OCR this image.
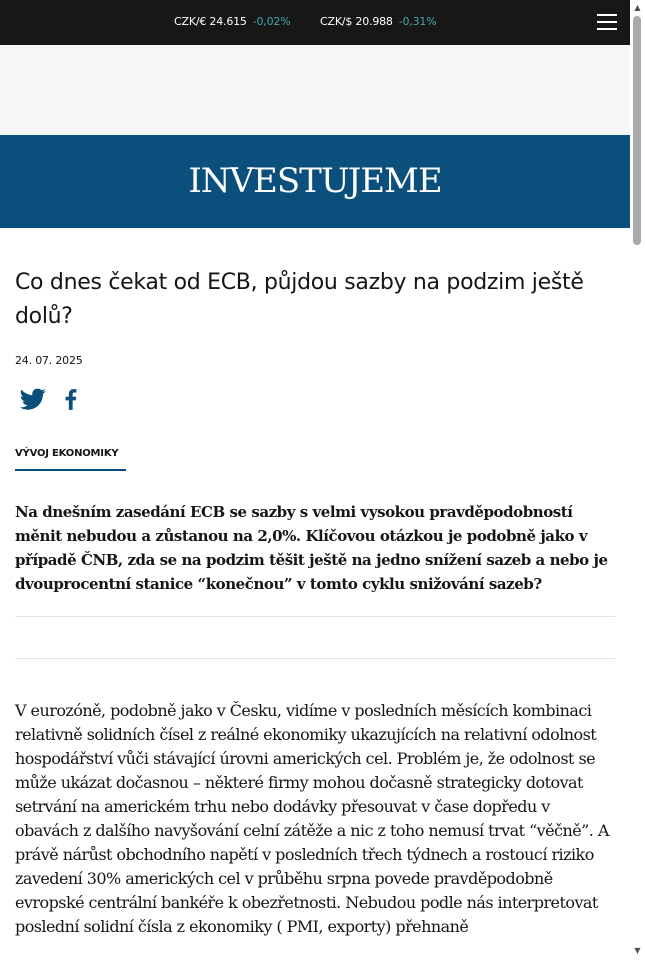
CZK/€ 24.615 -0,02%	CZK/$ 20.988 -0,31%
INVESTUJEME
Co dnes čekat od ECB, půjdou sazby na podzim ještě dolů?
24. 07. 2025
VÝVOJ EKONOMIKY

Na dnešním zasedání ECB se sazby s velmi vysokou pravděpodobností měnit nebudou a zůstanou na 2,0%. Klíčovou otázkou je podobně jako v případě ČNB, zda se na podzim těšit ještě na jedno snížení sazeb a nebo je dvouprocentní stanice “konečnou” v tomto cyklu snižování sazeb?

V eurozóně, podobně jako v Česku, vidíme v posledních měsících kombinaci relativně solidních čísel z reálné ekonomiky ukazujících na relativní odolnost hospodářství vůči stávající úrovni amerických cel. Problém je, že odolnost se může ukázat dočasnou – některé firmy mohou dočasně strategicky dotovat setrvání na americkém trhu nebo dodávky přesouvat v čase dopředu v obavách z dalšího navyšování celní zátěže a nic z toho nemusí trvat “věčně”. A právě nárůst obchodního napětí v posledních třech týdnech a rostoucí riziko zavedení 30% amerických cel v průběhu srpna povede pravděpodobně evropské centrální bankéře k obezřetnosti. Nebudou podle nás interpretovat poslední solidní čísla z ekonomiky ( PMI, exporty) přehnaně

▲
▼
